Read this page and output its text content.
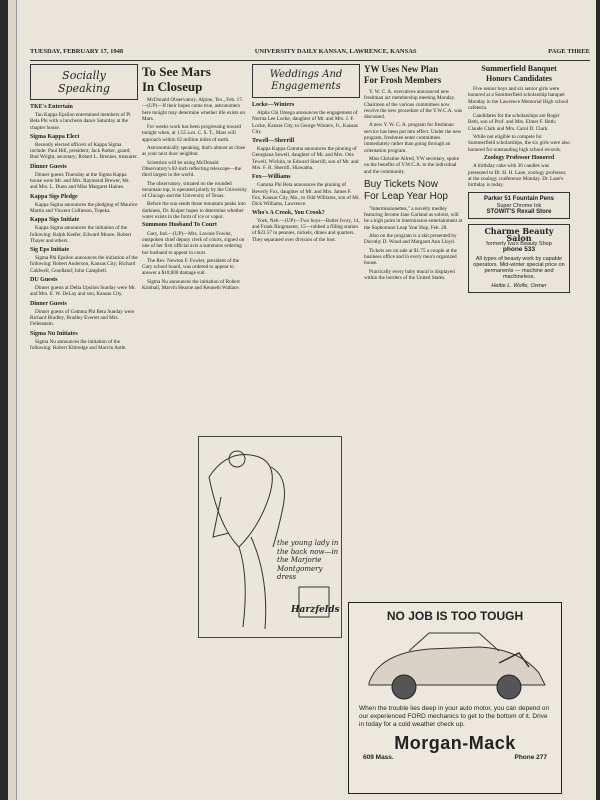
TUESDAY, FEBRUARY 17, 1948	UNIVERSITY DAILY KANSAN, LAWRENCE, KANSAS	PAGE THREE
Socially
Speaking
TKE's Entertain

Tau Kappa Epsilon entertained members of Pi Beta Phi with a luncheon dance Saturday at the chapter house.

Sigma Kappa Elect

Recently elected officers of Kappa Sigma include: Paul Hill, president; Jack Parker, guard; Bud Wright, secretary; Robert L. Brenner, treasurer.

Dinner Guests

Dinner guests Thursday at the Sigma Kappa house were Mr. and Mrs. Raymond Brewer, Mr. and Mrs. L. Dunn and Miss Margaret Haines.

Kappa Sigs Pledge

Kappa Sigma announces the pledging of Maurice Martin and Vincent Collinson, Topeka.

Kappa Sigs Initiate

Kappa Sigma announces the initiation of the following: Ralph Keefer, Edward Moore, Robert Thayer and others.

Sig Eps Initiate

Sigma Phi Epsilon announces the initiation of the following: Robert Anderson, Kansas City; Richard Caldwell, Goodland; John Campbell.

DU Guests

Dinner guests at Delta Upsilon Sunday were Mr. and Mrs. E. W. DeLay and son, Kansas City.

Dinner Guests

Dinner guests of Gamma Phi Beta Sunday were Richard Bradley, Bradley Everett and Mrs. Fellenstein.

Sigma Nu Initiates

Sigma Nu announces the initiation of the following: Robert Kittredge and Marvin Astle.

To See Mars
In Closeup

McDonald Observatory, Alpine, Tex., Feb. 17.—(UP)—If their hopes come true, astronomers here tonight may determine whether life exists on Mars.

For weeks work has been progressing toward tonight when, at 1:55 a.m. C. S. T., Mars will approach within 62 million miles of earth.

Astronomically speaking, that's almost as close as your next door neighbor.

Scientists will be using McDonald Observatory's 82-inch reflecting telescope—the third largest in the world.

The observatory, situated on the rounded mountain top, is operated jointly by the University of Chicago and the University of Texas.

Before the sun sends those mountain peaks into darkness, Dr. Kuiper hopes to determine whether water exists in the form of ice or vapor.

Summons Husband To Court

Gary, Ind.—(UP)—Mrs. Lavone Fowler, outspoken chief deputy clerk of courts, signed on one of her first official acts a summons ordering her husband to appear in court.

The Rev. Newton F. Fowler, president of the Gary school board, was ordered to appear to answer a $10,000 damage suit.

Sigma Nu announces the initiation of Robert Kimball, Marvin Hearne and Kenneth Wallace.

Weddings And
Engagements
Locke—Winters

Alpha Chi Omega announces the engagement of Norma Lee Locke, daughter of Mr. and Mrs. J. F. Locke, Kansas City, to George Winters, Jr., Kansas City.

Tewell—Sherrill

Kappa Kappa Gamma announces the pinning of Georgiana Sewell, daughter of Mr. and Mrs. Otis Tewell, Wichita, to Edward Sherrill, son of Mr. and Mrs. F. R. Sherrill, Hiawatha.

Fox—Williams

Gamma Phi Beta announces the pinning of Beverly Fox, daughter of Mr. and Mrs. James F. Fox, Kansas City, Mo., to Odd Williams, son of Mr. Dick Williams, Lawrence.

Who's A Crook, You Crook?

York, Neb.—(UP)—Two boys—Butler Ivory, 14, and Frank Ringmaster, 15—robbed a filling station of $23.57 in pennies, nickels, dimes and quarters. They separated over division of the loot.

YW Uses New Plan
For Frosh Members

Y. W. C. A. executives announced new freshman act membership meeting Monday. Chairmen of the various committees now receive the new procedure of the Y.W.C.A. was discussed.

A new Y. W. C. A. program for freshman service has been put into effect. Under the new program, freshmen enter committees immediately rather than going through an orientation program.

Miss Christine Allred, YW secretary, spoke on the benefits of Y.W.C.A. to the individual and the community.

Buy Tickets Now
For Leap Year Hop

"Intermissionettes," a novelty medley featuring Jerome Jane Garland as soloist, will be a high point in intermission entertainment at the Sophomore Leap Year Hop, Feb. 28.

Also on the program is a skit presented by Dorothy D. Wood and Margaret Ann Lloyd.

Tickets are on sale at $1.75 a couple at the business office and in every men's organized house.

Practically every baby mural is displayed within the borders of the United States.

Summerfield Banquet
Honors Candidates

Five senior boys and six senior girls were honored at a Summerfield scholarship banquet Monday in the Lawrence Memorial High school cafeteria.

Candidates for the scholarships are Roger Beth, son of Prof. and Mrs. Elmer F. Beth; Claude Clark and Mrs. Carol D. Clark.

While not eligible to compete for Summerfield scholarships, the six girls were also honored for outstanding high school records.

Zoology Professor Honored

A birthday cake with 36 candles was presented to Dr. H. H. Lane, zoology professor, at the zoology conference Monday. Dr. Lane's birthday is today.

Parker 51 Fountain Pens
Super Chrome Ink
STOWIT'S Rexall Store
Charme Beauty Salon
formerly Iva's Beauty Shop
phone 533
All types of beauty work by capable operators. Mid-winter special price on permanents — machine and machineless.
Hettie L. Wolfe, Owner
the young lady in the back now—in the Marjorie Montgomery dress
Harzfelds	NO JOB IS TOO TOUGH
When the trouble lies deep in your auto motor, you can depend on our experienced FORD mechanics to get to the bottom of it. Drive in today for a cold weather check up.
Morgan-Mack
609 Mass.	Phone 277
